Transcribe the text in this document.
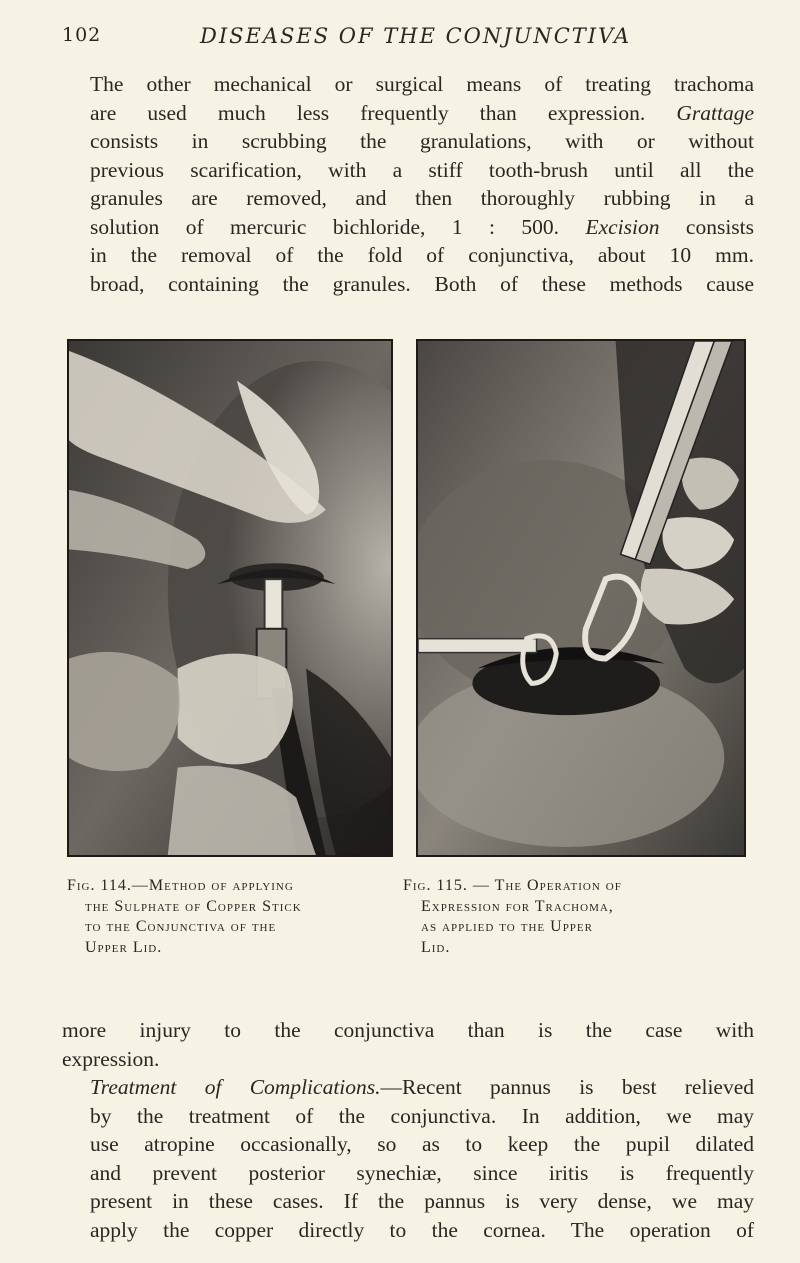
102	DISEASES OF THE CONJUNCTIVA
The other mechanical or surgical means of treating trachoma
are used much less frequently than expression. Grattage
consists in scrubbing the granulations, with or without
previous scarification, with a stiff tooth-brush until all the
granules are removed, and then thoroughly rubbing in a
solution of mercuric bichloride, 1 : 500. Excision consists
in the removal of the fold of conjunctiva, about 10 mm.
broad, containing the granules. Both of these methods cause
Fig. 114.—Method of applying
the Sulphate of Copper Stick
to the Conjunctiva of the
Upper Lid.
Fig. 115. — The Operation of
Expression for Trachoma,
as applied to the Upper
Lid.
more injury to the conjunctiva than is the case with
expression.
Treatment of Complications.—Recent pannus is best relieved
by the treatment of the conjunctiva. In addition, we may
use atropine occasionally, so as to keep the pupil dilated
and prevent posterior synechiæ, since iritis is frequently
present in these cases. If the pannus is very dense, we may
apply the copper directly to the cornea. The operation of
